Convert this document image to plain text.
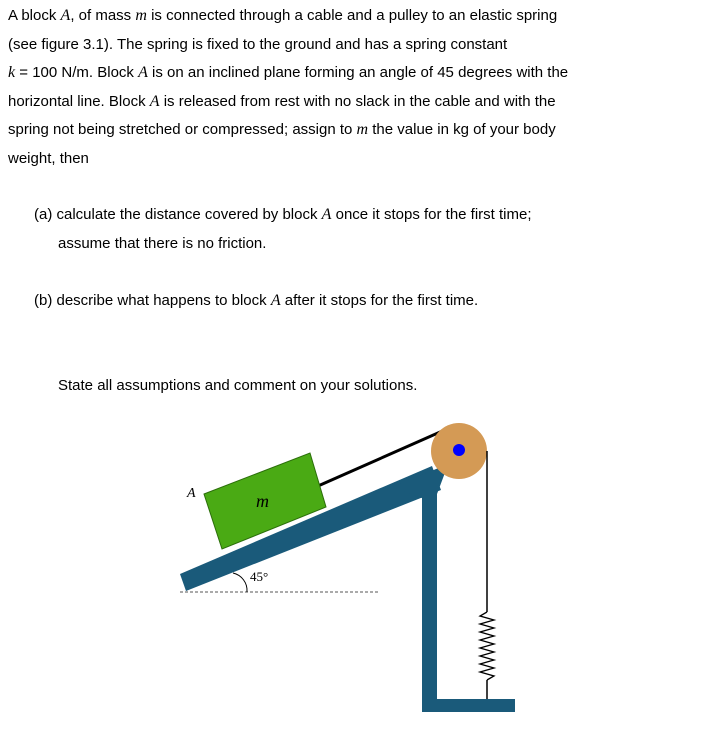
A block A, of mass m is connected through a cable and a pulley to an elastic spring
(see figure 3.1). The spring is fixed to the ground and has a spring constant
k = 100 N/m. Block A is on an inclined plane forming an angle of 45 degrees with the
horizontal line. Block A is released from rest with no slack in the cable and with the
spring not being stretched or compressed; assign to m the value in kg of your body
weight, then

(a) calculate the distance covered by block A once it stops for the first time;
assume that there is no friction.

(b) describe what happens to block A after it stops for the first time.

State all assumptions and comment on your solutions.

A	m
45°
